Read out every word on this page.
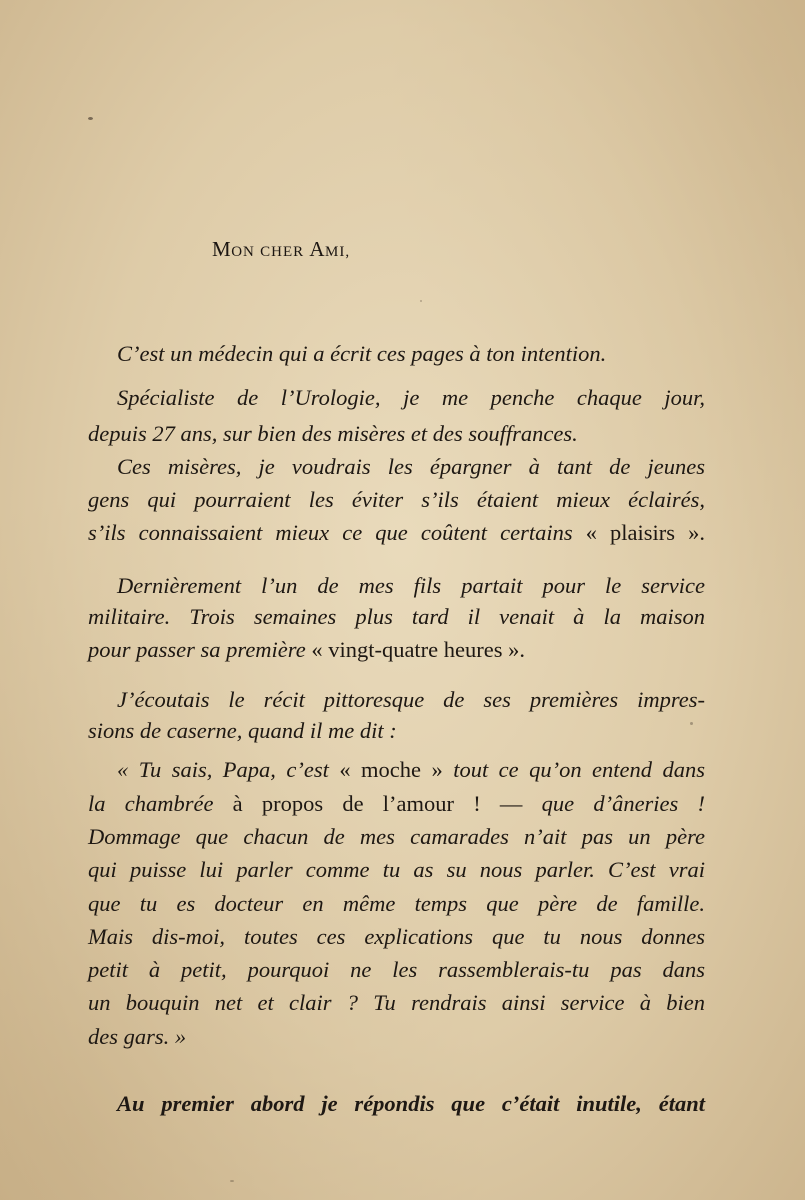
MON CHER AMI,
C’est un médecin qui a écrit ces pages à ton intention.
Spécialiste de l’Urologie, je me penche chaque jour,
depuis 27 ans, sur bien des misères et des souffrances.
Ces misères, je voudrais les épargner à tant de jeunes
gens qui pourraient les éviter s’ils étaient mieux éclairés,
s’ils connaissaient mieux ce que coûtent certains « plaisirs ».
Dernièrement l’un de mes fils partait pour le service
militaire. Trois semaines plus tard il venait à la maison
pour passer sa première « vingt-quatre heures ».
J’écoutais le récit pittoresque de ses premières impres-
sions de caserne, quand il me dit :
« Tu sais, Papa, c’est « moche » tout ce qu’on entend dans
la chambrée à propos de l’amour ! — que d’âneries !
Dommage que chacun de mes camarades n’ait pas un père
qui puisse lui parler comme tu as su nous parler. C’est vrai
que tu es docteur en même temps que père de famille.
Mais dis-moi, toutes ces explications que tu nous donnes
petit à petit, pourquoi ne les rassemblerais-tu pas dans
un bouquin net et clair ? Tu rendrais ainsi service à bien
des gars. »
Au premier abord je répondis que c’était inutile, étant
